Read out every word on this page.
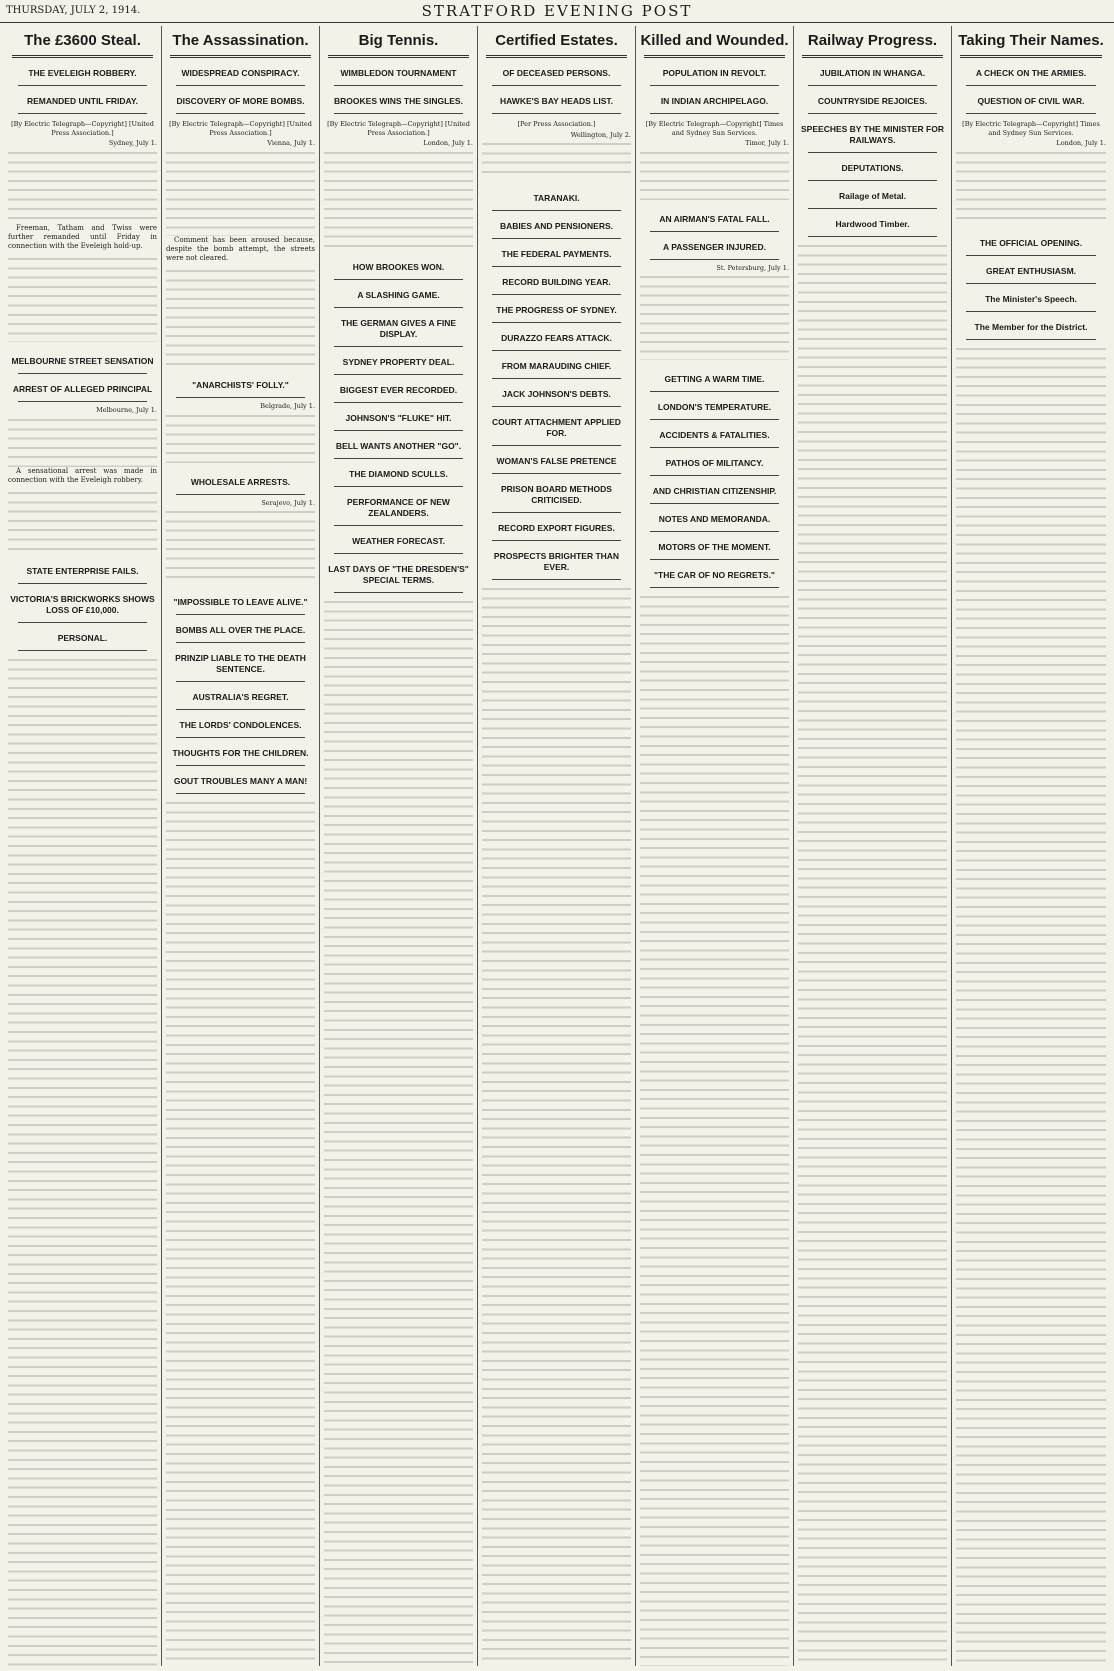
THURSDAY, JULY 2, 1914.	STRATFORD EVENING POST
The £3600 Steal.
THE EVELEIGH ROBBERY.
REMANDED UNTIL FRIDAY.
[By Electric Telegraph—Copyright] [United Press Association.]
Sydney, July 1.
Freeman, Tatham and Twiss were further remanded until Friday in connection with the Eveleigh hold-up.
MELBOURNE STREET SENSATION
ARREST OF ALLEGED PRINCIPAL
Melbourne, July 1.
A sensational arrest was made in connection with the Eveleigh robbery.
STATE ENTERPRISE FAILS.
VICTORIA'S BRICKWORKS SHOWS LOSS OF £10,000.
PERSONAL.
The Assassination.
WIDESPREAD CONSPIRACY.
DISCOVERY OF MORE BOMBS.
[By Electric Telegraph—Copyright] [United Press Association.]
Vienna, July 1.
Comment has been aroused because, despite the bomb attempt, the streets were not cleared.
"ANARCHISTS' FOLLY."
Belgrade, July 1.
WHOLESALE ARRESTS.
Serajevo, July 1.
"IMPOSSIBLE TO LEAVE ALIVE."
BOMBS ALL OVER THE PLACE.
PRINZIP LIABLE TO THE DEATH SENTENCE.
AUSTRALIA'S REGRET.
THE LORDS' CONDOLENCES.
THOUGHTS FOR THE CHILDREN.
GOUT TROUBLES MANY A MAN!
Big Tennis.
WIMBLEDON TOURNAMENT
BROOKES WINS THE SINGLES.
[By Electric Telegraph—Copyright] [United Press Association.]
London, July 1.
HOW BROOKES WON.
A SLASHING GAME.
THE GERMAN GIVES A FINE DISPLAY.
SYDNEY PROPERTY DEAL.
BIGGEST EVER RECORDED.
JOHNSON'S "FLUKE" HIT.
BELL WANTS ANOTHER "GO".
THE DIAMOND SCULLS.
PERFORMANCE OF NEW ZEALANDERS.
WEATHER FORECAST.
LAST DAYS OF "THE DRESDEN'S" SPECIAL TERMS.
Certified Estates.
OF DECEASED PERSONS.
HAWKE'S BAY HEADS LIST.
[Per Press Association.]
Wellington, July 2.
TARANAKI.
BABIES AND PENSIONERS.
THE FEDERAL PAYMENTS.
RECORD BUILDING YEAR.
THE PROGRESS OF SYDNEY.
DURAZZO FEARS ATTACK.
FROM MARAUDING CHIEF.
JACK JOHNSON'S DEBTS.
COURT ATTACHMENT APPLIED FOR.
WOMAN'S FALSE PRETENCE
PRISON BOARD METHODS CRITICISED.
RECORD EXPORT FIGURES.
PROSPECTS BRIGHTER THAN EVER.
Killed and Wounded.
POPULATION IN REVOLT.
IN INDIAN ARCHIPELAGO.
[By Electric Telegraph—Copyright] Times and Sydney Sun Services.
Timor, July 1.
AN AIRMAN'S FATAL FALL.
A PASSENGER INJURED.
St. Petersburg, July 1.
GETTING A WARM TIME.
LONDON'S TEMPERATURE.
ACCIDENTS & FATALITIES.
PATHOS OF MILITANCY.
AND CHRISTIAN CITIZENSHIP.
NOTES AND MEMORANDA.
MOTORS OF THE MOMENT.
"THE CAR OF NO REGRETS."
Railway Progress.
JUBILATION IN WHANGA.
COUNTRYSIDE REJOICES.
SPEECHES BY THE MINISTER FOR RAILWAYS.
DEPUTATIONS.
Railage of Metal.
Hardwood Timber.
Taking Their Names.
A CHECK ON THE ARMIES.
QUESTION OF CIVIL WAR.
[By Electric Telegraph—Copyright] Times and Sydney Sun Services.
London, July 1.
THE OFFICIAL OPENING.
GREAT ENTHUSIASM.
The Minister's Speech.
The Member for the District.
